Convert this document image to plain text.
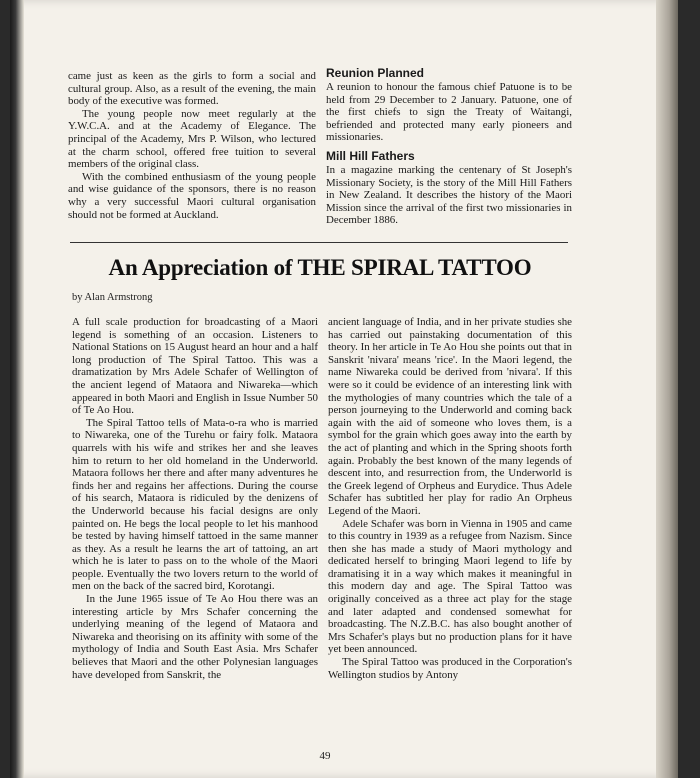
came just as keen as the girls to form a social and cultural group. Also, as a result of the evening, the main body of the executive was formed.

The young people now meet regularly at the Y.W.C.A. and at the Academy of Elegance. The principal of the Academy, Mrs P. Wilson, who lectured at the charm school, offered free tuition to several members of the original class.

With the combined enthusiasm of the young people and wise guidance of the sponsors, there is no reason why a very successful Maori cultural organisation should not be formed at Auckland.

Reunion Planned

A reunion to honour the famous chief Patuone is to be held from 29 December to 2 January. Patuone, one of the first chiefs to sign the Treaty of Waitangi, befriended and protected many early pioneers and missionaries.

Mill Hill Fathers

In a magazine marking the centenary of St Joseph's Missionary Society, is the story of the Mill Hill Fathers in New Zealand. It describes the history of the Maori Mission since the arrival of the first two missionaries in December 1886.

An Appreciation of THE SPIRAL TATTOO
by Alan Armstrong

A full scale production for broadcasting of a Maori legend is something of an occasion. Listeners to National Stations on 15 August heard an hour and a half long production of The Spiral Tattoo. This was a dramatization by Mrs Adele Schafer of Wellington of the ancient legend of Mataora and Niwareka—which appeared in both Maori and English in Issue Number 50 of Te Ao Hou.

The Spiral Tattoo tells of Mata-o-ra who is married to Niwareka, one of the Turehu or fairy folk. Mataora quarrels with his wife and strikes her and she leaves him to return to her old homeland in the Underworld. Mataora follows her there and after many adventures he finds her and regains her affections. During the course of his search, Mataora is ridiculed by the denizens of the Underworld because his facial designs are only painted on. He begs the local people to let his manhood be tested by having himself tattoed in the same manner as they. As a result he learns the art of tattoing, an art which he is later to pass on to the whole of the Maori people. Eventually the two lovers return to the world of men on the back of the sacred bird, Korotangi.

In the June 1965 issue of Te Ao Hou there was an interesting article by Mrs Schafer concerning the underlying meaning of the legend of Mataora and Niwareka and theorising on its affinity with some of the mythology of India and South East Asia. Mrs Schafer believes that Maori and the other Polynesian languages have developed from Sanskrit, the

ancient language of India, and in her private studies she has carried out painstaking documentation of this theory. In her article in Te Ao Hou she points out that in Sanskrit 'nivara' means 'rice'. In the Maori legend, the name Niwareka could be derived from 'nivara'. If this were so it could be evidence of an interesting link with the mythologies of many countries which the tale of a person journeying to the Underworld and coming back again with the aid of someone who loves them, is a symbol for the grain which goes away into the earth by the act of planting and which in the Spring shoots forth again. Probably the best known of the many legends of descent into, and resurrection from, the Underworld is the Greek legend of Orpheus and Eurydice. Thus Adele Schafer has subtitled her play for radio An Orpheus Legend of the Maori.

Adele Schafer was born in Vienna in 1905 and came to this country in 1939 as a refugee from Nazism. Since then she has made a study of Maori mythology and dedicated herself to bringing Maori legend to life by dramatising it in a way which makes it meaningful in this modern day and age. The Spiral Tattoo was originally conceived as a three act play for the stage and later adapted and condensed somewhat for broadcasting. The N.Z.B.C. has also bought another of Mrs Schafer's plays but no production plans for it have yet been announced.

The Spiral Tattoo was produced in the Corporation's Wellington studios by Antony

49
